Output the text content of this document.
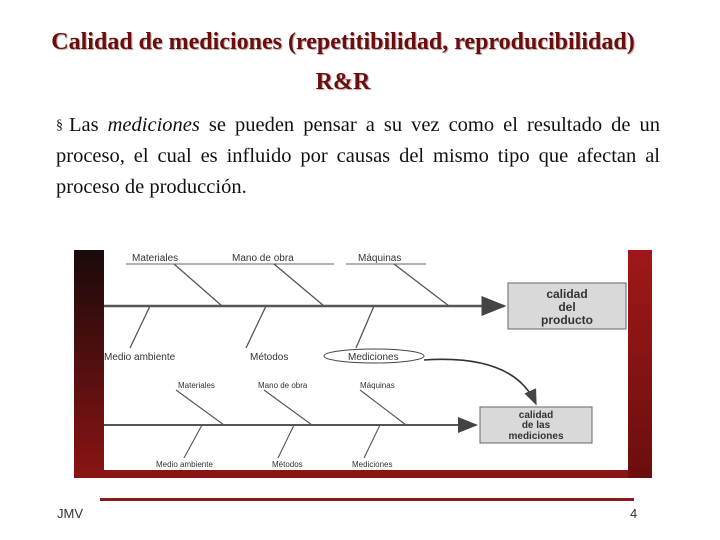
Calidad de mediciones (repetitibilidad, reproducibilidad)
R&R
§ Las mediciones se pueden pensar a su vez como el resultado de un proceso, el cual es influido por causas del mismo tipo que afectan al proceso de producción.
Materiales	Mano de obra	Máquinas
Medio ambiente	Métodos	Mediciones
calidad
del
producto
Materiales	Mano de obra	Máquinas
Medio ambiente	Métodos	Mediciones
calidad
de las
mediciones
JMV	4
